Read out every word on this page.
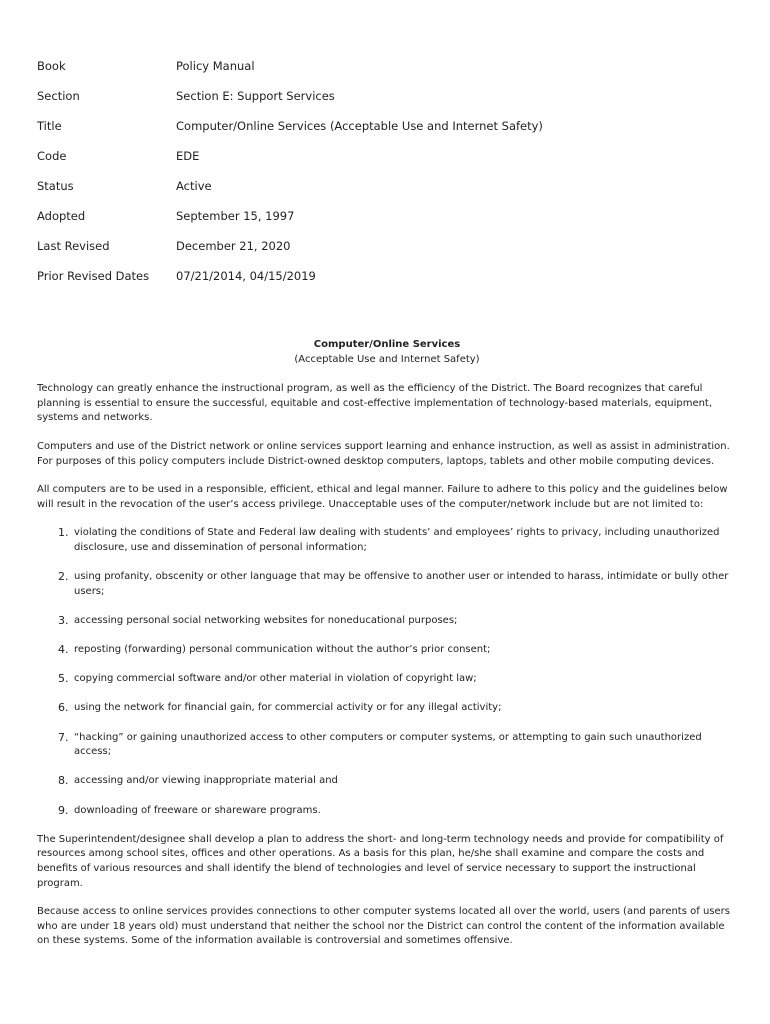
Book	Policy Manual
Section	Section E: Support Services
Title	Computer/Online Services (Acceptable Use and Internet Safety)
Code	EDE
Status	Active
Adopted	September 15, 1997
Last Revised	December 21, 2020
Prior Revised Dates	07/21/2014, 04/15/2019

Computer/Online Services

(Acceptable Use and Internet Safety)

Technology can greatly enhance the instructional program, as well as the efficiency of the District. The Board recognizes that careful planning is essential to ensure the successful, equitable and cost-effective implementation of technology-based materials, equipment, systems and networks.

Computers and use of the District network or online services support learning and enhance instruction, as well as assist in administration. For purposes of this policy computers include District-owned desktop computers, laptops, tablets and other mobile computing devices.

All computers are to be used in a responsible, efficient, ethical and legal manner. Failure to adhere to this policy and the guidelines below will result in the revocation of the user’s access privilege. Unacceptable uses of the computer/network include but are not limited to:

1. violating the conditions of State and Federal law dealing with students’ and employees’ rights to privacy, including unauthorized disclosure, use and dissemination of personal information;
2. using profanity, obscenity or other language that may be offensive to another user or intended to harass, intimidate or bully other users;
3. accessing personal social networking websites for noneducational purposes;
4. reposting (forwarding) personal communication without the author’s prior consent;
5. copying commercial software and/or other material in violation of copyright law;
6. using the network for financial gain, for commercial activity or for any illegal activity;
7. “hacking” or gaining unauthorized access to other computers or computer systems, or attempting to gain such unauthorized access;
8. accessing and/or viewing inappropriate material and
9. downloading of freeware or shareware programs.

The Superintendent/designee shall develop a plan to address the short- and long-term technology needs and provide for compatibility of resources among school sites, offices and other operations. As a basis for this plan, he/she shall examine and compare the costs and benefits of various resources and shall identify the blend of technologies and level of service necessary to support the instructional program.

Because access to online services provides connections to other computer systems located all over the world, users (and parents of users who are under 18 years old) must understand that neither the school nor the District can control the content of the information available on these systems. Some of the information available is controversial and sometimes offensive.
